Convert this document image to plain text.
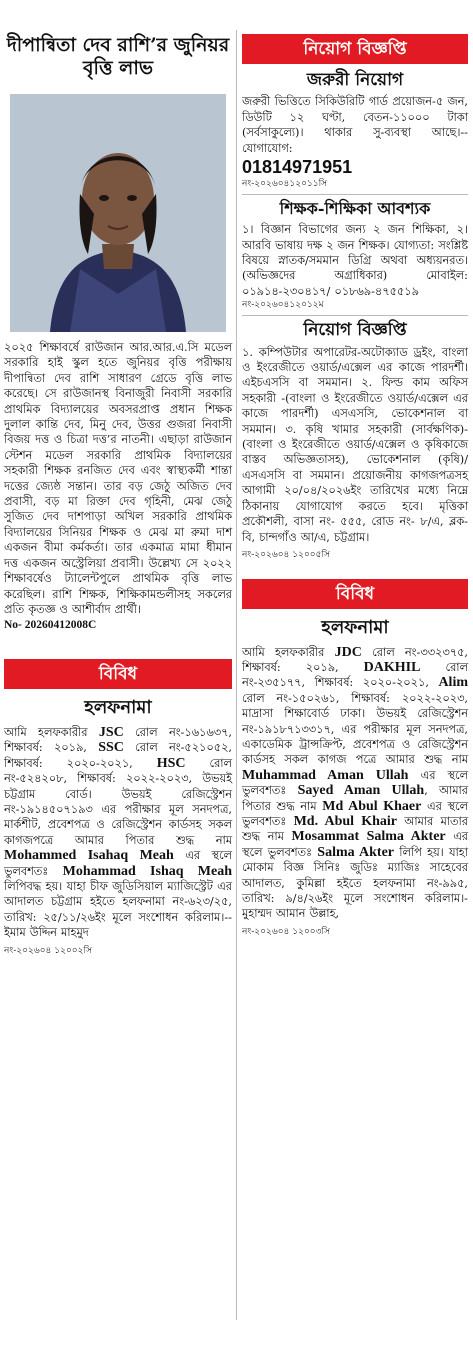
দীপান্বিতা দেব রাশি’র জুনিয়র বৃত্তি লাভ

২০২৫ শিক্ষাবর্ষে রাউজান আর.আর.এ.সি মডেল সরকারি হাই স্কুল হতে জুনিয়র বৃত্তি পরীক্ষায় দীপান্বিতা দেব রাশি সাধারণ গ্রেডে বৃত্তি লাভ করেছে। সে রাউজানস্থ বিনাজুরী নিবাসী সরকারি প্রাথমিক বিদ্যালয়ের অবসরপ্রাপ্ত প্রধান শিক্ষক দুলাল কান্তি দেব, মিনু দেব, উত্তর গুজরা নিবাসী বিজয় দত্ত ও চিত্রা দত্ত’র নাতনী। এছাড়া রাউজান স্টেশন মডেল সরকারি প্রাথমিক বিদ্যালয়ের সহকারী শিক্ষক রনজিত দেব এবং স্বাস্থ্যকর্মী শান্তা দত্তের জ্যেষ্ঠ সন্তান। তার বড় জেঠু অজিত দেব প্রবাসী, বড় মা রিক্তা দেব গৃহিনী, মেঝ জেঠু সুজিত দেব দাশপাড়া অখিল সরকারি প্রাথমিক বিদ্যালয়ের সিনিয়র শিক্ষক ও মেঝ মা রুমা দাশ একজন বীমা কর্মকর্তা। তার একমাত্র মামা ধীমান দত্ত একজন অস্ট্রেলিয়া প্রবাসী। উল্লেখ্য সে ২০২২ শিক্ষাবর্ষেও ট্যালেন্টপুলে প্রাথমিক বৃত্তি লাভ করেছিল। রাশি শিক্ষক, শিক্ষিকামন্ডলীসহ সকলের প্রতি কৃতজ্ঞ ও আশীর্বাদ প্রার্থী।

No- 20260412008C
বিবিধ
হলফনামা

আমি হলফকারীর JSC রোল নং-১৬১৬৩৭, শিক্ষাবর্ষ: ২০১৯, SSC রোল নং-৫২১০৫২, শিক্ষাবর্ষ: ২০২০-২০২১, HSC রোল নং-৫২৪২০৮, শিক্ষাবর্ষ: ২০২২-২০২৩, উভয়ই চট্টগ্রাম বোর্ড। উভয়ই রেজিস্ট্রেশন নং-১৯১৪৫০৭১৯৩ এর পরীক্ষার মূল সনদপত্র, মার্কশীট, প্রবেশপত্র ও রেজিস্ট্রেশন কার্ডসহ সকল কাগজপত্রে আমার পিতার শুদ্ধ নাম Mohammed Isahaq Meah এর স্থলে ভুলবশতঃ Mohammad Ishaq Meah লিপিবদ্ধ হয়। যাহা চীফ জুডিসিয়াল ম্যাজিস্ট্রেট এর আদালত চট্টগ্রাম হইতে হলফনামা নং-৬২৩/২৫, তারিখ: ২৫/১১/২৬ইং মূলে সংশোধন করিলাম।--ইমাম উদ্দিন মাহমুদ

নং-২০২৬০৪ ১২০০২সি
নিয়োগ বিজ্ঞপ্তি
জরুরী নিয়োগ

জরুরী ভিত্তিতে সিকিউরিটি গার্ড প্রয়োজন-৫ জন, ডিউটি ১২ ঘণ্টা, বেতন-১১০০০ টাকা (সর্বসাকুল্যে)। থাকার সু-ব্যবস্থা আছে।--যোগাযোগ:

01814971951
নং-২০২৬০৪১২০১১সি
শিক্ষক-শিক্ষিকা আবশ্যক

১। বিজ্ঞান বিভাগের জন্য ২ জন শিক্ষিকা, ২। আরবি ভাষায় দক্ষ ২ জন শিক্ষক। যোগ্যতা: সংশ্লিষ্ট বিষয়ে স্নাতক/সমমান ডিগ্রি অথবা অধ্যয়নরত। (অভিজ্ঞদের অগ্রাধিকার) মোবাইল: ০১৯১৪-২৩০৪১৭/ ০১৮৬৯-৪৭৫৫১৯

নং-২০২৬০৪১২০১২ম
নিয়োগ বিজ্ঞপ্তি

১. কম্পিউটার অপারেটর-অটোক্যাড ড্রইং, বাংলা ও ইংরেজীতে ওয়ার্ড/এক্সেল এর কাজে পারদর্শী। এইচএসসি বা সমমান। ২. ফিল্ড কাম অফিস সহকারী -(বাংলা ও ইংরেজীতে ওয়ার্ড/এক্সেল এর কাজে পারদর্শী) এসএসসি, ভোকেশনাল বা সমমান। ৩. কৃষি খামার সহকারী (সার্বক্ষণিক)-(বাংলা ও ইংরেজীতে ওয়ার্ড/এক্সেল ও কৃষিকাজে বাস্তব অভিজ্ঞতাসহ), ভোকেশনাল (কৃষি)/ এসএসসি বা সমমান। প্রয়োজনীয় কাগজপত্রসহ আগামী ২০/০৪/২০২৬ইং তারিখের মধ্যে নিম্নে ঠিকানায় যোগাযোগ করতে হবে। মৃত্তিকা প্রকৌশলী, বাসা নং- ৫৫৫, রোড নং- ৮/এ, ব্লক-বি, চান্দগাঁও আ/এ, চট্টগ্রাম।

নং-২০২৬০৪ ১২০০৫সি
বিবিধ
হলফনামা

আমি হলফকারীর JDC রোল নং-৩৩২৩৭৫, শিক্ষাবর্ষ: ২০১৯, DAKHIL রোল নং-২৩৫১৭৭, শিক্ষাবর্ষ: ২০২০-২০২১, Alim রোল নং-১৫০২৬১, শিক্ষাবর্ষ: ২০২২-২০২৩, মাদ্রাসা শিক্ষাবোর্ড ঢাকা। উভয়ই রেজিস্ট্রেশন নং-১৯১৮৭১৩৩১৭, এর পরীক্ষার মূল সনদপত্র, একাডেমিক ট্রান্সক্রিপ্ট, প্রবেশপত্র ও রেজিস্ট্রেশন কার্ডসহ সকল কাগজ পত্রে আমার শুদ্ধ নাম Muhammad Aman Ullah এর স্থলে ভুলবশতঃ Sayed Aman Ullah, আমার পিতার শুদ্ধ নাম Md Abul Khaer এর স্থলে ভুলবশতঃ Md. Abul Khair আমার মাতার শুদ্ধ নাম Mosammat Salma Akter এর স্থলে ভুলবশতঃ Salma Akter লিপি হয়। যাহা মোকাম বিজ্ঞ সিনিঃ জুডিঃ ম্যাজিঃ সাহেবের আদালত, কুমিল্লা হইতে হলফনামা নং-৯৯৫, তারিখ: ৯/৪/২৬ইং মূলে সংশোধন করিলাম।-মুহাম্মদ আমান উল্লাহ,

নং-২০২৬০৪ ১২০০৩সি
